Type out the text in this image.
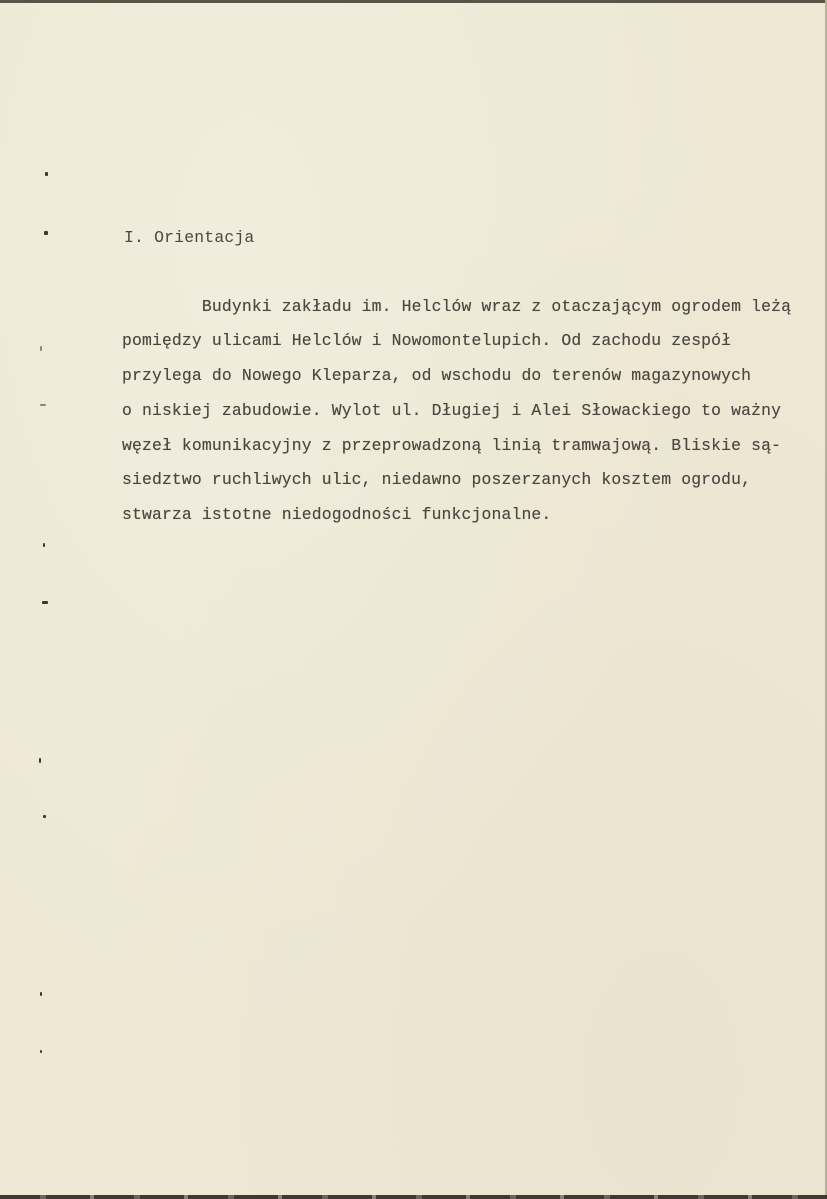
I. Orientacja
Budynki zakładu im. Helclów wraz z otaczającym ogrodem leżą
pomiędzy ulicami Helclów i Nowomontelupich. Od zachodu zespół
przylega do Nowego Kleparza, od wschodu do terenów magazynowych
o niskiej zabudowie. Wylot ul. Długiej i Alei Słowackiego to ważny
węzeł komunikacyjny z przeprowadzoną linią tramwajową. Bliskie są-
siedztwo ruchliwych ulic, niedawno poszerzanych kosztem ogrodu,
stwarza istotne niedogodności funkcjonalne.
